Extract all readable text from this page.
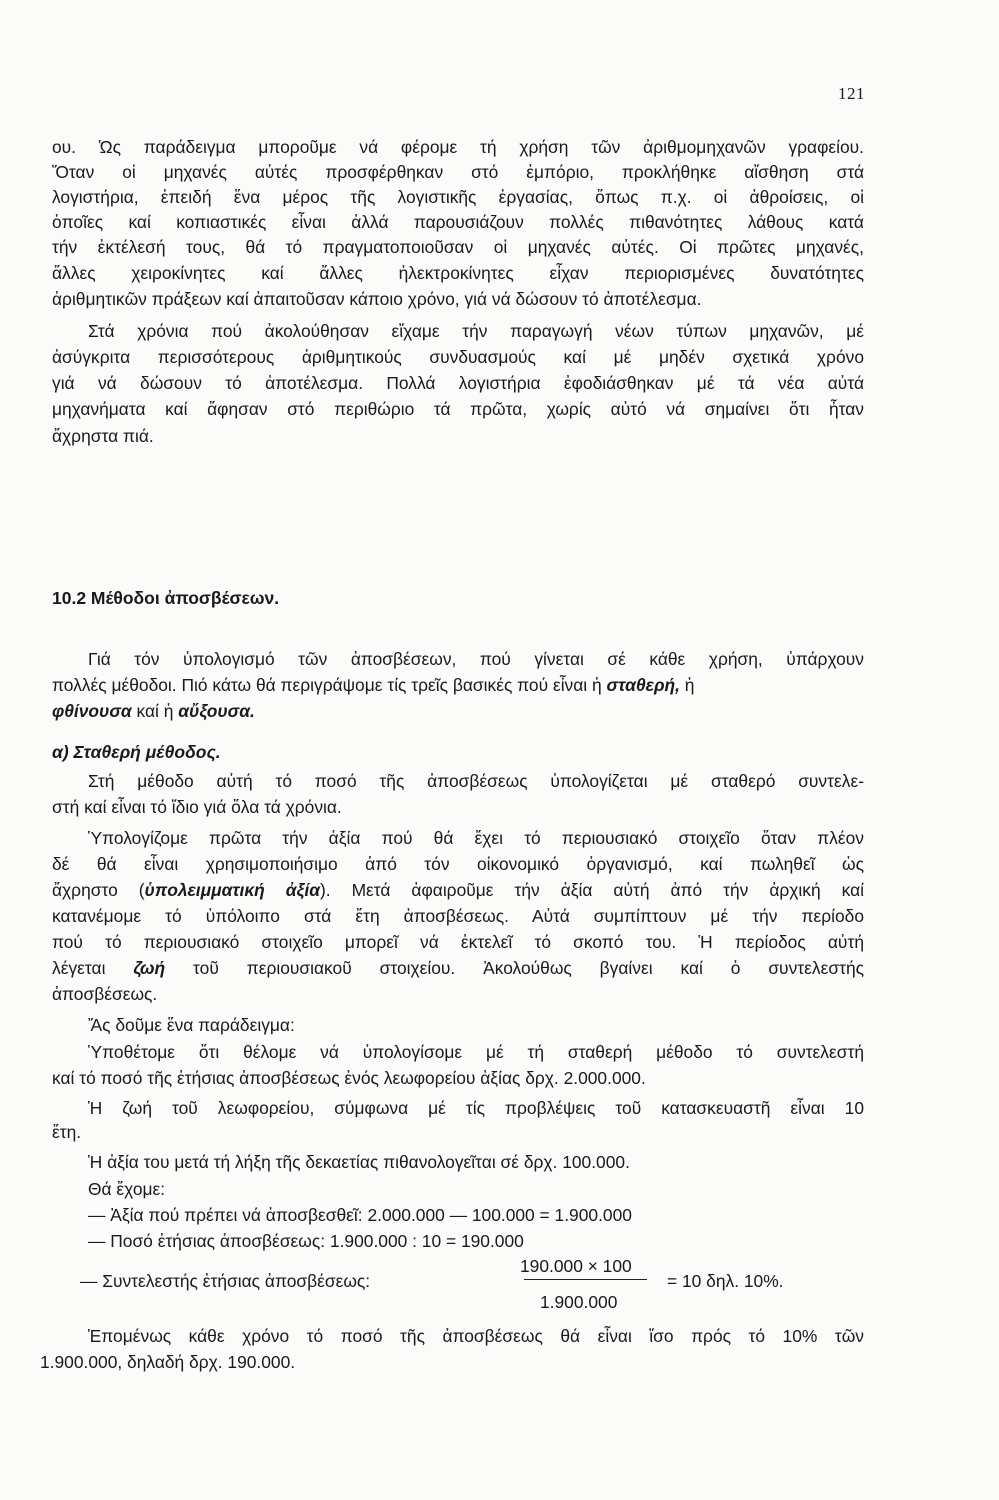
121
ου. Ὡς παράδειγμα μποροῦμε νά φέρομε τή χρήση τῶν ἀριθμομηχανῶν γραφείου.
Ὅταν οἱ μηχανές αὐτές προσφέρθηκαν στό ἐμπόριο, προκλήθηκε αἴσθηση στά
λογιστήρια, ἐπειδή ἕνα μέρος τῆς λογιστικῆς ἐργασίας, ὅπως π.χ. οἱ ἀθροίσεις, οἱ
ὁποῖες καί κοπιαστικές εἶναι ἀλλά παρουσιάζουν πολλές πιθανότητες λάθους κατά
τήν ἐκτέλεσή τους, θά τό πραγματοποιοῦσαν οἱ μηχανές αὐτές. Οἱ πρῶτες μηχανές,
ἄλλες χειροκίνητες καί ἄλλες ἠλεκτροκίνητες εἶχαν περιορισμένες δυνατότητες
ἀριθμητικῶν πράξεων καί ἀπαιτοῦσαν κάποιο χρόνο, γιά νά δώσουν τό ἀποτέλεσμα.
Στά χρόνια πού ἀκολούθησαν εἴχαμε τήν παραγωγή νέων τύπων μηχανῶν, μέ
ἀσύγκριτα περισσότερους ἀριθμητικούς συνδυασμούς καί μέ μηδέν σχετικά χρόνο
γιά νά δώσουν τό ἀποτέλεσμα. Πολλά λογιστήρια ἐφοδιάσθηκαν μέ τά νέα αὐτά
μηχανήματα καί ἄφησαν στό περιθώριο τά πρῶτα, χωρίς αὐτό νά σημαίνει ὅτι ἦταν
ἄχρηστα πιά.
10.2 Μέθοδοι ἀποσβέσεων.
Γιά τόν ὑπολογισμό τῶν ἀποσβέσεων, πού γίνεται σέ κάθε χρήση, ὑπάρχουν
πολλές μέθοδοι. Πιό κάτω θά περιγράψομε τίς τρεῖς βασικές πού εἶναι ἡ σταθερή, ἡ
φθίνουσα καί ἡ αὔξουσα.
α) Σταθερή μέθοδος.
Στή μέθοδο αὐτή τό ποσό τῆς ἀποσβέσεως ὑπολογίζεται μέ σταθερό συντελε-
στή καί εἶναι τό ἴδιο γιά ὅλα τά χρόνια.
Ὑπολογίζομε πρῶτα τήν ἀξία πού θά ἔχει τό περιουσιακό στοιχεῖο ὅταν πλέον
δέ θά εἶναι χρησιμοποιήσιμο ἀπό τόν οἰκονομικό ὀργανισμό, καί πωληθεῖ ὡς
ἄχρηστο (ὑπολειμματική ἀξία). Μετά ἀφαιροῦμε τήν ἀξία αὐτή ἀπό τήν ἀρχική καί
κατανέμομε τό ὑπόλοιπο στά ἔτη ἀποσβέσεως. Αὐτά συμπίπτουν μέ τήν περίοδο
πού τό περιουσιακό στοιχεῖο μπορεῖ νά ἐκτελεῖ τό σκοπό του. Ἡ περίοδος αὐτή
λέγεται ζωή τοῦ περιουσιακοῦ στοιχείου. Ἀκολούθως βγαίνει καί ὁ συντελεστής
ἀποσβέσεως.
Ἄς δοῦμε ἕνα παράδειγμα:
Ὑποθέτομε ὅτι θέλομε νά ὑπολογίσομε μέ τή σταθερή μέθοδο τό συντελεστή
καί τό ποσό τῆς ἐτήσιας ἀποσβέσεως ἑνός λεωφορείου ἀξίας δρχ. 2.000.000.
Ἡ ζωή τοῦ λεωφορείου, σύμφωνα μέ τίς προβλέψεις τοῦ κατασκευαστῆ εἶναι 10
ἔτη.
Ἡ ἀξία του μετά τή λήξη τῆς δεκαετίας πιθανολογεῖται σέ δρχ. 100.000.
Θά ἔχομε:
— Ἀξία πού πρέπει νά ἀποσβεσθεῖ: 2.000.000 — 100.000 = 1.900.000
— Ποσό ἐτήσιας ἀποσβέσεως: 1.900.000 : 10 = 190.000
— Συντελεστής ἐτήσιας ἀποσβέσεως:
190.000 × 100
1.900.000
= 10 δηλ. 10%.
Ἑπομένως κάθε χρόνο τό ποσό τῆς ἀποσβέσεως θά εἶναι ἴσο πρός τό 10% τῶν
1.900.000, δηλαδή δρχ. 190.000.
